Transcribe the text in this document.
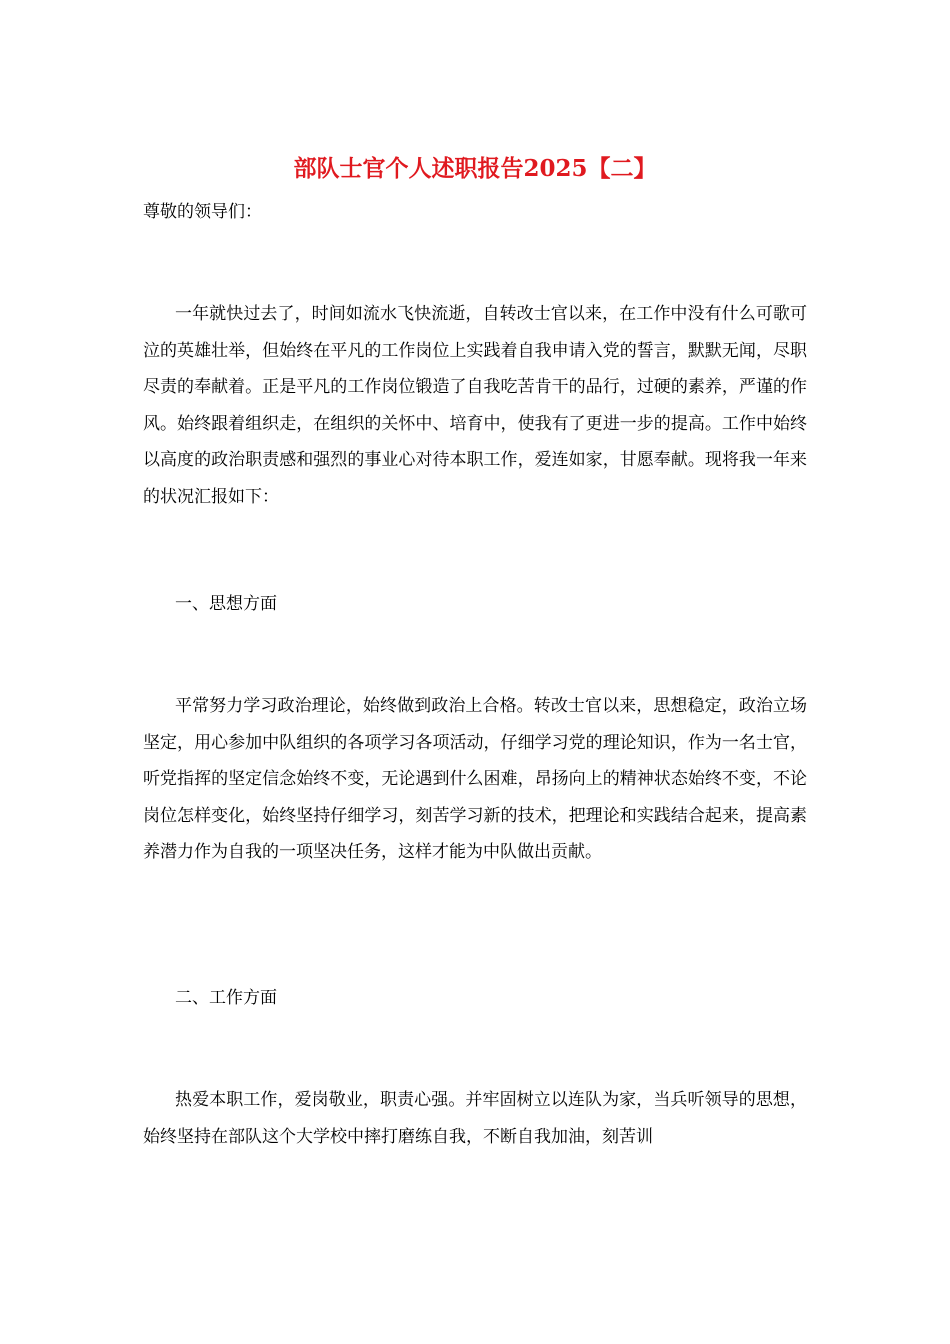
部队士官个人述职报告2025【二】

尊敬的领导们：

一年就快过去了，时间如流水飞快流逝，自转改士官以来，在工作中没有什么可歌可泣的英雄壮举，但始终在平凡的工作岗位上实践着自我申请入党的誓言，默默无闻，尽职尽责的奉献着。正是平凡的工作岗位锻造了自我吃苦肯干的品行，过硬的素养，严谨的作风。始终跟着组织走，在组织的关怀中、培育中，使我有了更进一步的提高。工作中始终以高度的政治职责感和强烈的事业心对待本职工作，爱连如家，甘愿奉献。现将我一年来的状况汇报如下：

一、思想方面

平常努力学习政治理论，始终做到政治上合格。转改士官以来，思想稳定，政治立场坚定，用心参加中队组织的各项学习各项活动，仔细学习党的理论知识，作为一名士官，听党指挥的坚定信念始终不变，无论遇到什么困难，昂扬向上的精神状态始终不变，不论岗位怎样变化，始终坚持仔细学习，刻苦学习新的技术，把理论和实践结合起来，提高素养潜力作为自我的一项坚决任务，这样才能为中队做出贡献。

二、工作方面

热爱本职工作，爱岗敬业，职责心强。并牢固树立以连队为家，当兵听领导的思想，始终坚持在部队这个大学校中摔打磨练自我，不断自我加油，刻苦训
